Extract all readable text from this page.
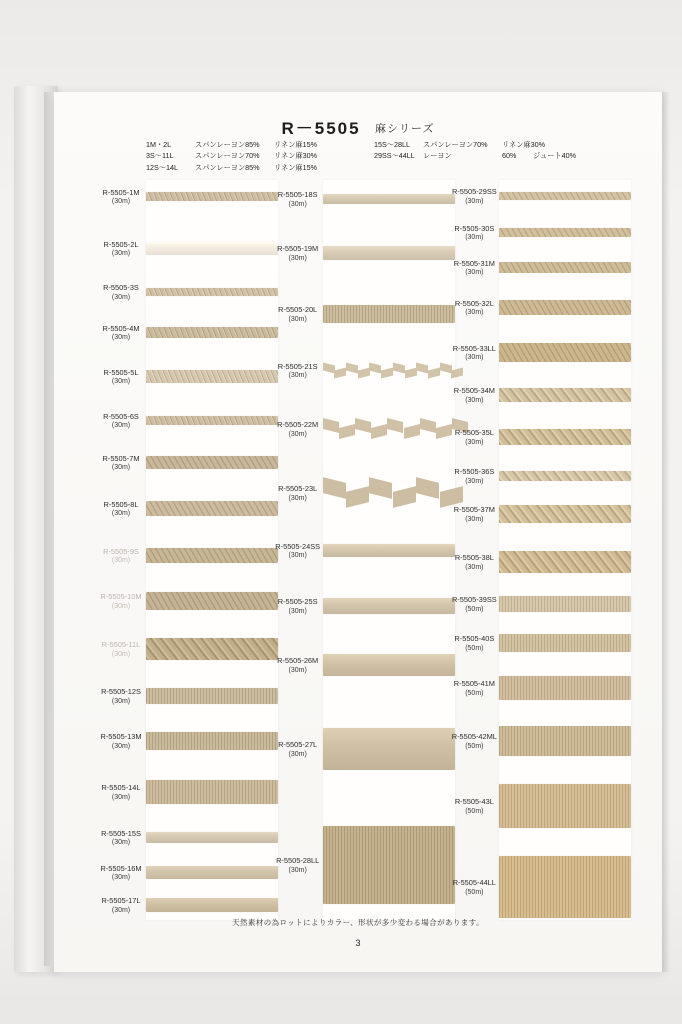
R－5505 麻シリーズ
1M・2L	スパンレーヨン85%	リネン麻15%
3S～11L	スパンレーヨン70%	リネン麻30%
12S～14L	スパンレーヨン85%	リネン麻15%
15S～28LL	スパンレーヨン70%	リネン麻30%
29SS～44LL	レーヨン	60%	ジュート40%
R-5505-1M
(30m)
R-5505-2L
(30m)
R-5505-3S
(30m)
R-5505-4M
(30m)
R-5505-5L
(30m)
R-5505-6S
(30m)
R-5505-7M
(30m)
R-5505-8L
(30m)
R-5505-9S
(30m)
R-5505-10M
(30m)
R-5505-11L
(30m)
R-5505-12S
(30m)
R-5505-13M
(30m)
R-5505-14L
(30m)
R-5505-15S
(30m)
R-5505-16M
(30m)
R-5505-17L
(30m)
R-5505-18S
(30m)
R-5505-19M
(30m)
R-5505-20L
(30m)
R-5505-21S
(30m)
R-5505-22M
(30m)
R-5505-23L
(30m)
R-5505-24SS
(30m)
R-5505-25S
(30m)
R-5505-26M
(30m)
R-5505-27L
(30m)
R-5505-28LL
(30m)
R-5505-29SS
(30m)
R-5505-30S
(30m)
R-5505-31M
(30m)
R-5505-32L
(30m)
R-5505-33LL
(30m)
R-5505-34M
(30m)
R-5505-35L
(30m)
R-5505-36S
(30m)
R-5505-37M
(30m)
R-5505-38L
(30m)
R-5505-39SS
(50m)
R-5505-40S
(50m)
R-5505-41M
(50m)
R-5505-42ML
(50m)
R-5505-43L
(50m)
R-5505-44LL
(50m)
天然素材の為ロットによりカラー、形状が多少変わる場合があります。
3
